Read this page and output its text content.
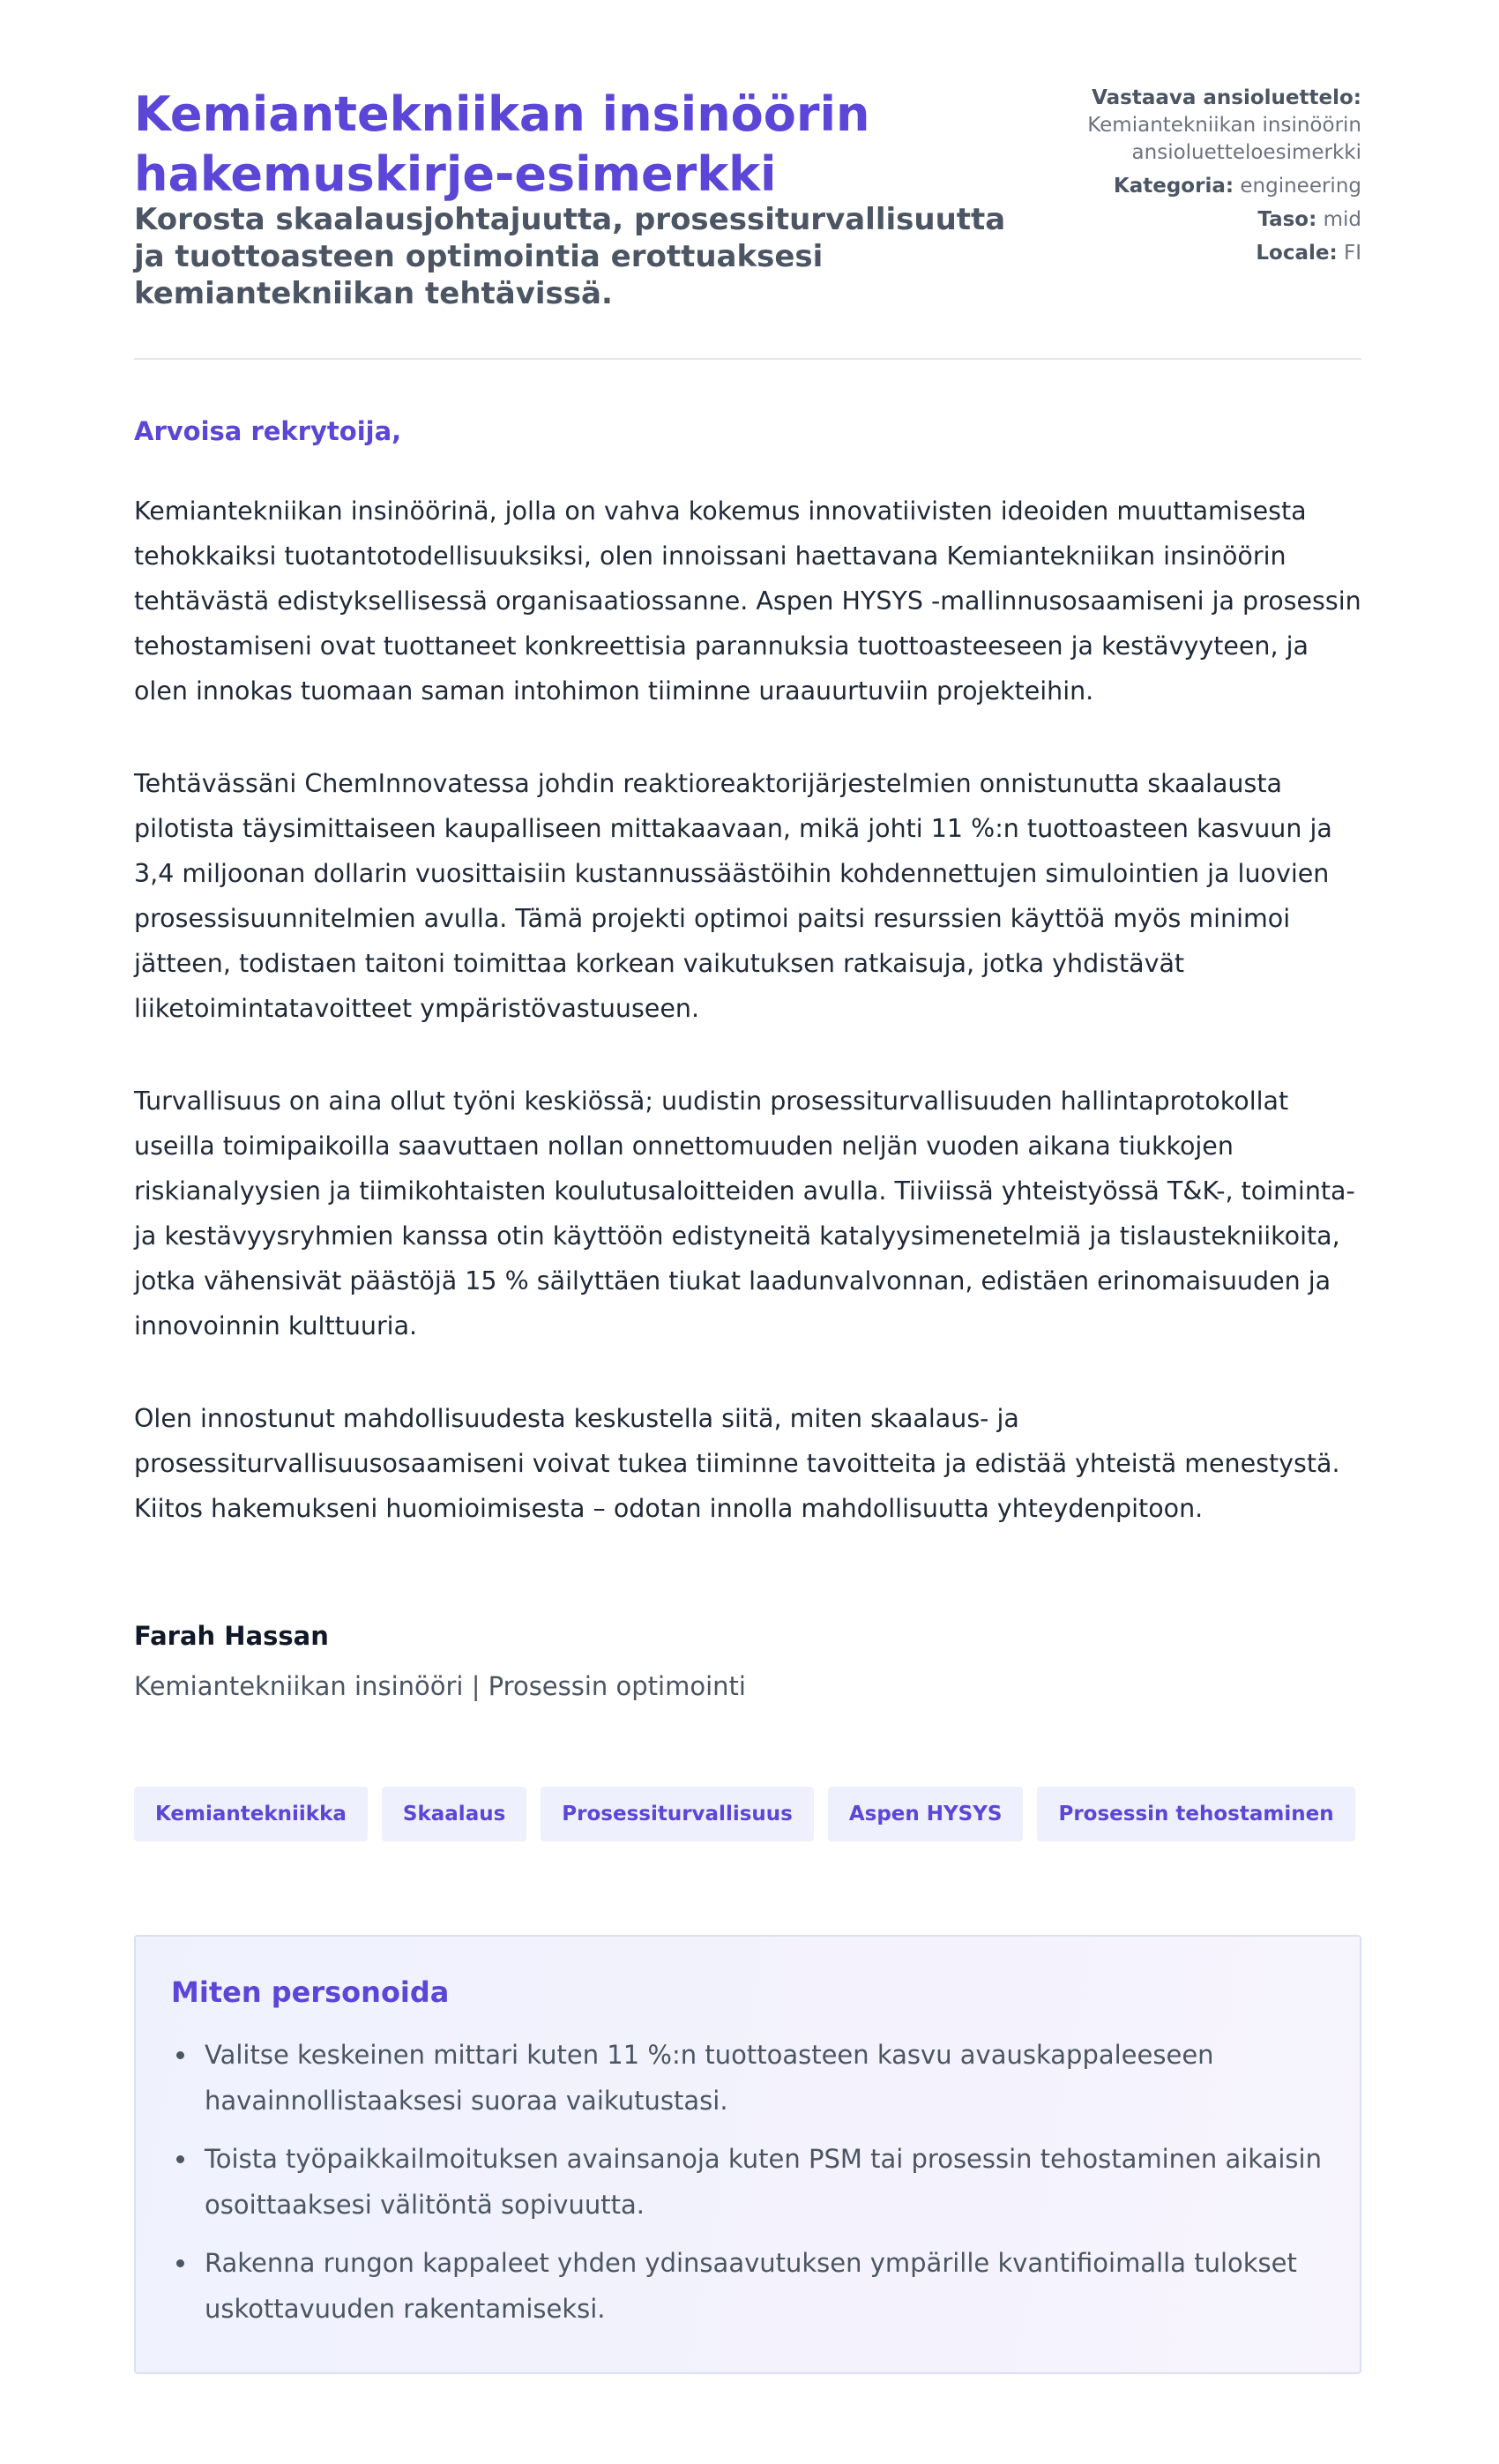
Kemiantekniikan insinöörin hakemuskirje-esimerkki

Korosta skaalausjohtajuutta, prosessiturvallisuutta ja tuottoasteen optimointia erottuaksesi kemiantekniikan tehtävissä.

Vastaava ansioluettelo:
Kemiantekniikan insinöörin ansioluetteloesimerkki
Kategoria: engineering
Taso: mid
Locale: FI

Arvoisa rekrytoija,

Kemiantekniikan insinöörinä, jolla on vahva kokemus innovatiivisten ideoiden muuttamisesta tehokkaiksi tuotantotodellisuuksiksi, olen innoissani haettavana Kemiantekniikan insinöörin tehtävästä edistyksellisessä organisaatiossanne. Aspen HYSYS -mallinnusosaamiseni ja prosessin tehostamiseni ovat tuottaneet konkreettisia parannuksia tuottoasteeseen ja kestävyyteen, ja olen innokas tuomaan saman intohimon tiiminne uraauurtuviin projekteihin.

Tehtävässäni ChemInnovatessa johdin reaktioreaktorijärjestelmien onnistunutta skaalausta pilotista täysimittaiseen kaupalliseen mittakaavaan, mikä johti 11 %:n tuottoasteen kasvuun ja 3,4 miljoonan dollarin vuosittaisiin kustannussäästöihin kohdennettujen simulointien ja luovien prosessisuunnitelmien avulla. Tämä projekti optimoi paitsi resurssien käyttöä myös minimoi jätteen, todistaen taitoni toimittaa korkean vaikutuksen ratkaisuja, jotka yhdistävät liiketoimintatavoitteet ympäristövastuuseen.

Turvallisuus on aina ollut työni keskiössä; uudistin prosessiturvallisuuden hallintaprotokollat useilla toimipaikoilla saavuttaen nollan onnettomuuden neljän vuoden aikana tiukkojen riskianalyysien ja tiimikohtaisten koulutusaloitteiden avulla. Tiiviissä yhteistyössä T&K-, toiminta- ja kestävyysryhmien kanssa otin käyttöön edistyneitä katalyysimenetelmiä ja tislaustekniikoita, jotka vähensivät päästöjä 15 % säilyttäen tiukat laadunvalvonnan, edistäen erinomaisuuden ja innovoinnin kulttuuria.

Olen innostunut mahdollisuudesta keskustella siitä, miten skaalaus- ja prosessiturvallisuusosaamiseni voivat tukea tiiminne tavoitteita ja edistää yhteistä menestystä. Kiitos hakemukseni huomioimisesta – odotan innolla mahdollisuutta yhteydenpitoon.

Farah Hassan

Kemiantekniikan insinööri | Prosessin optimointi

Kemiantekniikka	Skaalaus	Prosessiturvallisuus	Aspen HYSYS	Prosessin tehostaminen
Miten personoida
Valitse keskeinen mittari kuten 11 %:n tuottoasteen kasvu avauskappaleeseen havainnollistaaksesi suoraa vaikutustasi.
Toista työpaikkailmoituksen avainsanoja kuten PSM tai prosessin tehostaminen aikaisin osoittaaksesi välitöntä sopivuutta.
Rakenna rungon kappaleet yhden ydinsaavutuksen ympärille kvantifioimalla tulokset uskottavuuden rakentamiseksi.
